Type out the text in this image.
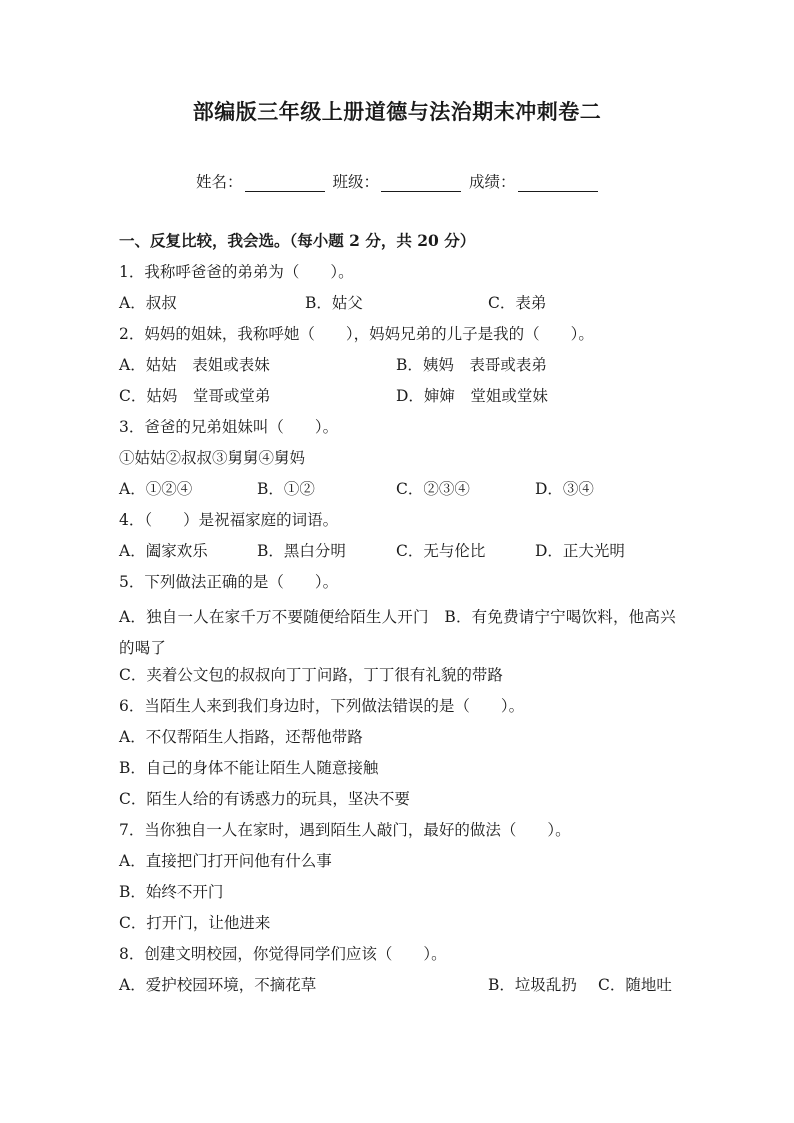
部编版三年级上册道德与法治期末冲刺卷二
姓名：	班级：	成绩：
一、反复比较，我会选。（每小题 2 分，共 20 分）
1．我称呼爸爸的弟弟为（　　）。
A．叔叔	B．姑父	C．表弟
2．妈妈的姐妹，我称呼她（　　），妈妈兄弟的儿子是我的（　　）。
A．姑姑　表姐或表妹	B．姨妈　表哥或表弟
C．姑妈　堂哥或堂弟	D．婶婶　堂姐或堂妹
3．爸爸的兄弟姐妹叫（　　）。
①姑姑②叔叔③舅舅④舅妈
A．①②④	B．①②	C．②③④	D．③④
4．（　　）是祝福家庭的词语。
A．阖家欢乐	B．黑白分明	C．无与伦比	D．正大光明
5．下列做法正确的是（　　）。
A．独自一人在家千万不要随便给陌生人开门　B．有免费请宁宁喝饮料，他高兴的喝了
C．夹着公文包的叔叔向丁丁问路，丁丁很有礼貌的带路
6．当陌生人来到我们身边时，下列做法错误的是（　　）。
A．不仅帮陌生人指路，还帮他带路
B．自己的身体不能让陌生人随意接触
C．陌生人给的有诱惑力的玩具，坚决不要
7．当你独自一人在家时，遇到陌生人敲门，最好的做法（　　）。
A．直接把门打开问他有什么事
B．始终不开门
C．打开门，让他进来
8．创建文明校园，你觉得同学们应该（　　）。
A．爱护校园环境，不摘花草	B．垃圾乱扔 C．随地吐
